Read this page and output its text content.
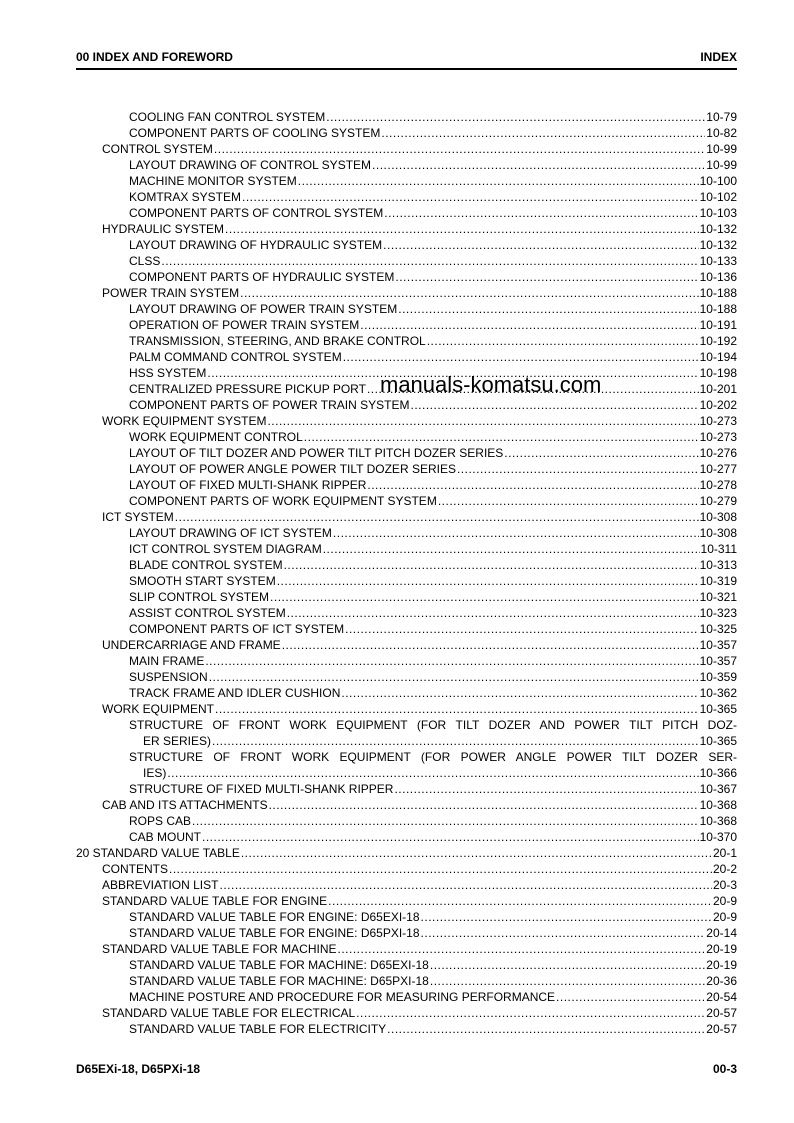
00 INDEX AND FOREWORD	INDEX
COOLING FAN CONTROL SYSTEM .....	10-79
COMPONENT PARTS OF COOLING SYSTEM .....	10-82
CONTROL SYSTEM .....	10-99
LAYOUT DRAWING OF CONTROL SYSTEM .....	10-99
MACHINE MONITOR SYSTEM .....	10-100
KOMTRAX SYSTEM .....	10-102
COMPONENT PARTS OF CONTROL SYSTEM .....	10-103
HYDRAULIC SYSTEM .....	10-132
LAYOUT DRAWING OF HYDRAULIC SYSTEM .....	10-132
CLSS .....	10-133
COMPONENT PARTS OF HYDRAULIC SYSTEM .....	10-136
POWER TRAIN SYSTEM .....	10-188
LAYOUT DRAWING OF POWER TRAIN SYSTEM .....	10-188
OPERATION OF POWER TRAIN SYSTEM .....	10-191
TRANSMISSION, STEERING, AND BRAKE CONTROL .....	10-192
PALM COMMAND CONTROL SYSTEM .....	10-194
HSS SYSTEM .....	10-198
CENTRALIZED PRESSURE PICKUP PORT .....	10-201
COMPONENT PARTS OF POWER TRAIN SYSTEM .....	10-202
WORK EQUIPMENT SYSTEM .....	10-273
WORK EQUIPMENT CONTROL .....	10-273
LAYOUT OF TILT DOZER AND POWER TILT PITCH DOZER SERIES .....	10-276
LAYOUT OF POWER ANGLE POWER TILT DOZER SERIES .....	10-277
LAYOUT OF FIXED MULTI-SHANK RIPPER .....	10-278
COMPONENT PARTS OF WORK EQUIPMENT SYSTEM .....	10-279
ICT SYSTEM .....	10-308
LAYOUT DRAWING OF ICT SYSTEM .....	10-308
ICT CONTROL SYSTEM DIAGRAM .....	10-311
BLADE CONTROL SYSTEM .....	10-313
SMOOTH START SYSTEM .....	10-319
SLIP CONTROL SYSTEM .....	10-321
ASSIST CONTROL SYSTEM .....	10-323
COMPONENT PARTS OF ICT SYSTEM .....	10-325
UNDERCARRIAGE AND FRAME .....	10-357
MAIN FRAME .....	10-357
SUSPENSION .....	10-359
TRACK FRAME AND IDLER CUSHION .....	10-362
WORK EQUIPMENT .....	10-365
STRUCTURE OF FRONT WORK EQUIPMENT (FOR TILT DOZER AND POWER TILT PITCH DOZ-
ER SERIES) .....	10-365
STRUCTURE OF FRONT WORK EQUIPMENT (FOR POWER ANGLE POWER TILT DOZER SER-
IES) .....	10-366
STRUCTURE OF FIXED MULTI-SHANK RIPPER .....	10-367
CAB AND ITS ATTACHMENTS .....	10-368
ROPS CAB .....	10-368
CAB MOUNT .....	10-370
20 STANDARD VALUE TABLE .....	20-1
CONTENTS .....	20-2
ABBREVIATION LIST .....	20-3
STANDARD VALUE TABLE FOR ENGINE .....	20-9
STANDARD VALUE TABLE FOR ENGINE: D65EXI-18 .....	20-9
STANDARD VALUE TABLE FOR ENGINE: D65PXI-18 .....	20-14
STANDARD VALUE TABLE FOR MACHINE .....	20-19
STANDARD VALUE TABLE FOR MACHINE: D65EXI-18 .....	20-19
STANDARD VALUE TABLE FOR MACHINE: D65PXI-18 .....	20-36
MACHINE POSTURE AND PROCEDURE FOR MEASURING PERFORMANCE .....	20-54
STANDARD VALUE TABLE FOR ELECTRICAL .....	20-57
STANDARD VALUE TABLE FOR ELECTRICITY .....	20-57
manuals-komatsu.com
D65EXi-18, D65PXi-18	00-3
